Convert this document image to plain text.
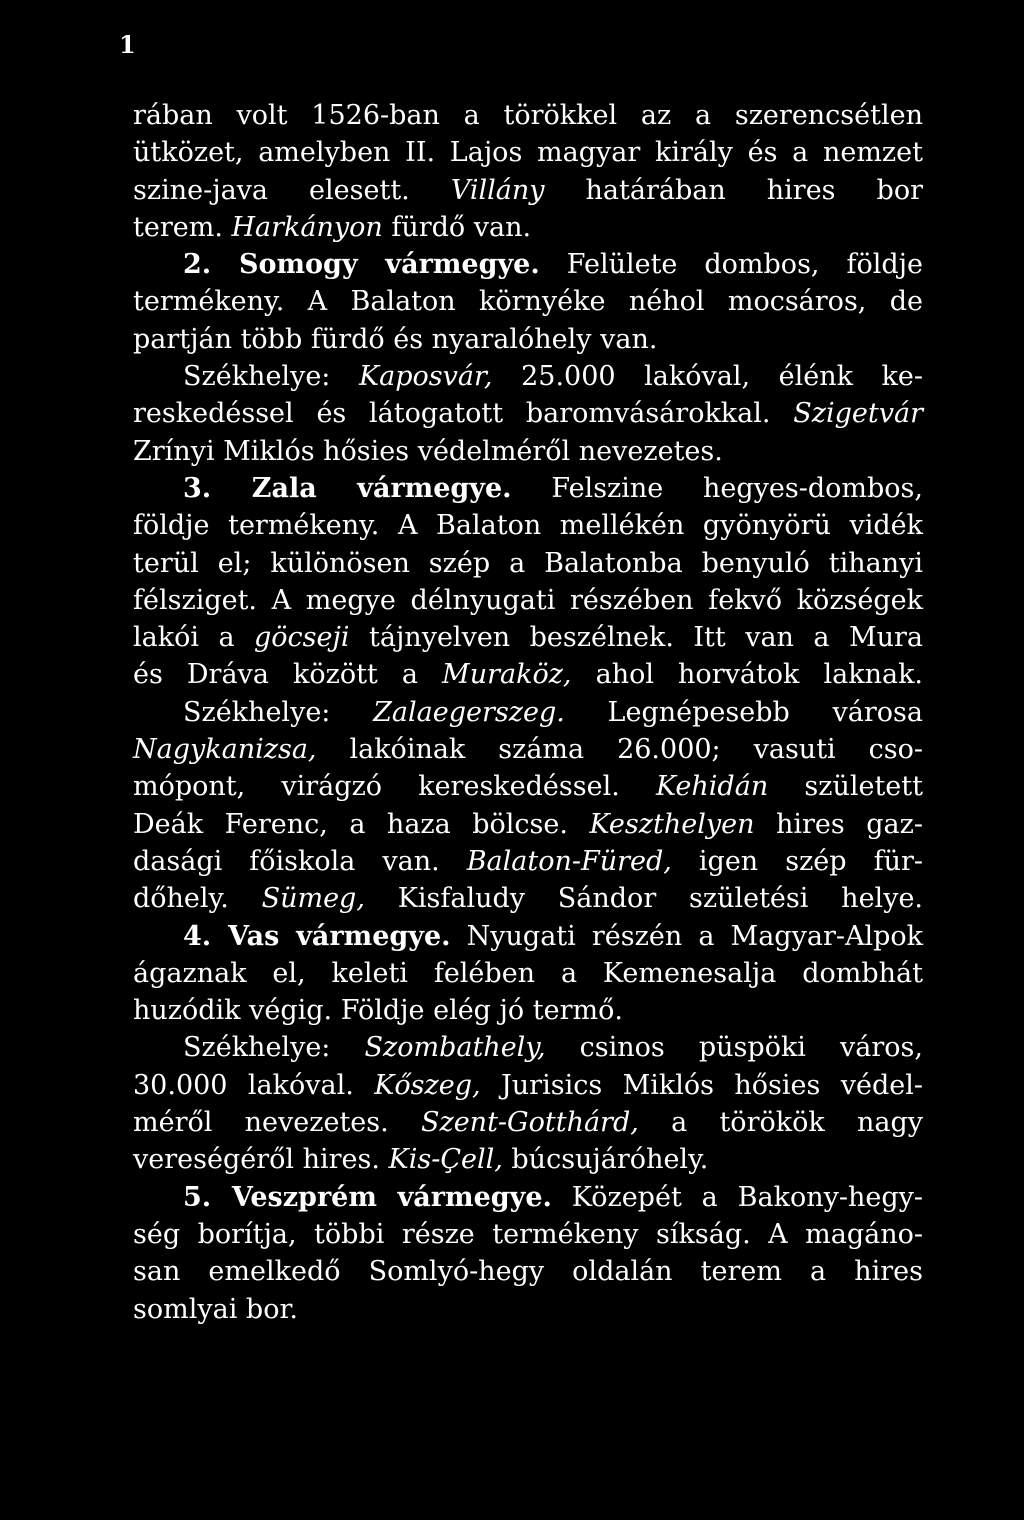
1
rában volt 1526-ban a törökkel az a szerencsétlen
ütközet, amelyben II. Lajos magyar király és a nemzet
szine-java elesett. Villány határában hires bor
terem. Harkányon fürdő van.
2. Somogy vármegye. Felülete dombos, földje
termékeny. A Balaton környéke néhol mocsáros, de
partján több fürdő és nyaralóhely van.
Székhelye: Kaposvár, 25.000 lakóval, élénk ke-
reskedéssel és látogatott baromvásárokkal. Szigetvár
Zrínyi Miklós hősies védelméről nevezetes.
3. Zala vármegye. Felszine hegyes-dombos,
földje termékeny. A Balaton mellékén gyönyörü vidék
terül el; különösen szép a Balatonba benyuló tihanyi
félsziget. A megye délnyugati részében fekvő községek
lakói a göcseji tájnyelven beszélnek. Itt van a Mura
és Dráva között a Muraköz, ahol horvátok laknak.
Székhelye: Zalaegerszeg. Legnépesebb városa
Nagykanizsa, lakóinak száma 26.000; vasuti cso-
mópont, virágzó kereskedéssel. Kehidán született
Deák Ferenc, a haza bölcse. Keszthelyen hires gaz-
dasági főiskola van. Balaton-Füred, igen szép für-
dőhely. Sümeg, Kisfaludy Sándor születési helye.
4. Vas vármegye. Nyugati részén a Magyar-Alpok
ágaznak el, keleti felében a Kemenesalja dombhát
huzódik végig. Földje elég jó termő.
Székhelye: Szombathely, csinos püspöki város,
30.000 lakóval. Kőszeg, Jurisics Miklós hősies védel-
méről nevezetes. Szent-Gotthárd, a törökök nagy
vereségéről hires. Kis-Çell, búcsujáróhely.
5. Veszprém vármegye. Közepét a Bakony-hegy-
ség borítja, többi része termékeny síkság. A magáno-
san emelkedő Somlyó-hegy oldalán terem a hires
somlyai bor.
